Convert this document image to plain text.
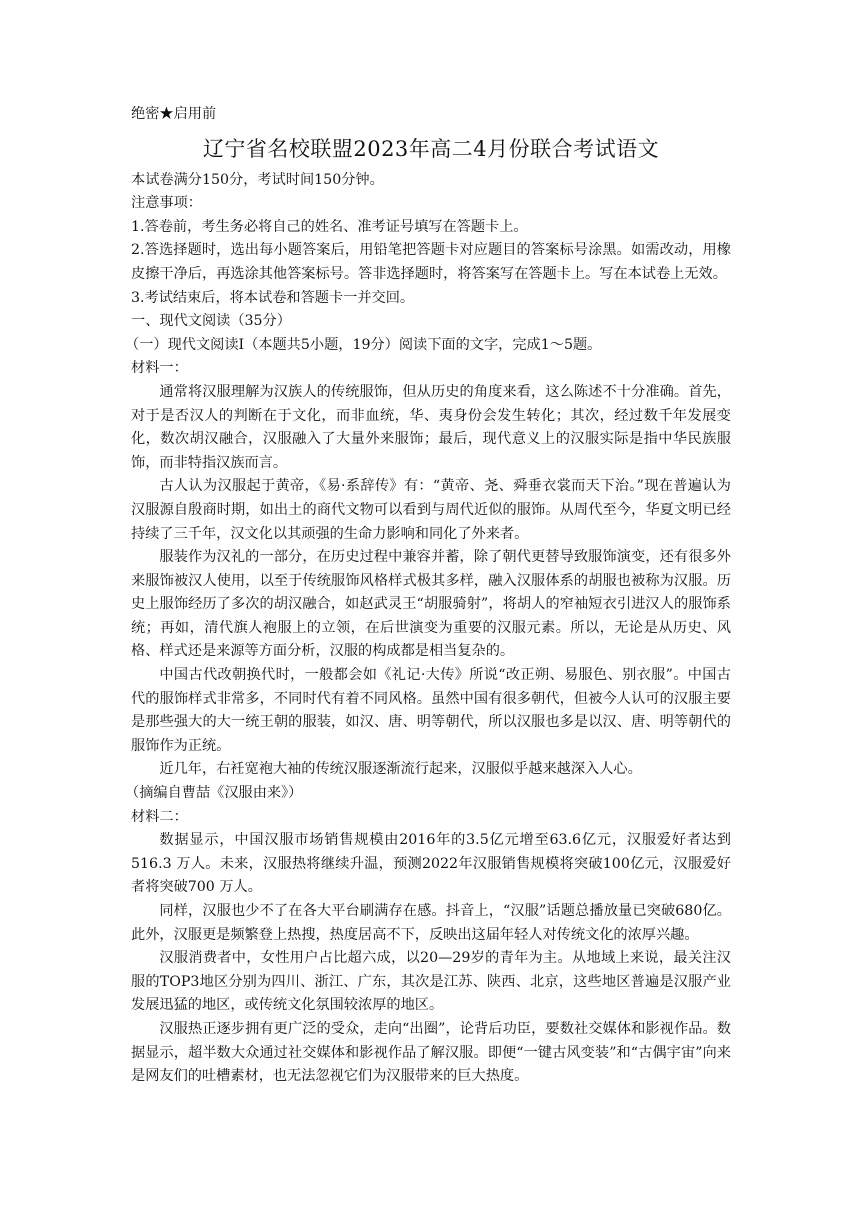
绝密★启用前

辽宁省名校联盟2023年高二4月份联合考试语文

本试卷满分150分，考试时间150分钟。

注意事项：

1.答卷前，考生务必将自己的姓名、准考证号填写在答题卡上。

2.答选择题时，选出每小题答案后，用铅笔把答题卡对应题目的答案标号涂黑。如需改动，用橡皮擦干净后，再选涂其他答案标号。答非选择题时，将答案写在答题卡上。写在本试卷上无效。

3.考试结束后，将本试卷和答题卡一并交回。

一、现代文阅读（35分）

（一）现代文阅读Ⅰ（本题共5小题，19分）阅读下面的文字，完成1～5题。

材料一：

通常将汉服理解为汉族人的传统服饰，但从历史的角度来看，这么陈述不十分准确。首先，对于是否汉人的判断在于文化，而非血统，华、夷身份会发生转化；其次，经过数千年发展变化，数次胡汉融合，汉服融入了大量外来服饰；最后，现代意义上的汉服实际是指中华民族服饰，而非特指汉族而言。

古人认为汉服起于黄帝，《易·系辞传》有：“黄帝、尧、舜垂衣裳而天下治。”现在普遍认为汉服源自殷商时期，如出土的商代文物可以看到与周代近似的服饰。从周代至今，华夏文明已经持续了三千年，汉文化以其顽强的生命力影响和同化了外来者。

服装作为汉礼的一部分，在历史过程中兼容并蓄，除了朝代更替导致服饰演变，还有很多外来服饰被汉人使用，以至于传统服饰风格样式极其多样，融入汉服体系的胡服也被称为汉服。历史上服饰经历了多次的胡汉融合，如赵武灵王“胡服骑射”，将胡人的窄袖短衣引进汉人的服饰系统；再如，清代旗人袍服上的立领，在后世演变为重要的汉服元素。所以，无论是从历史、风格、样式还是来源等方面分析，汉服的构成都是相当复杂的。

中国古代改朝换代时，一般都会如《礼记·大传》所说“改正朔、易服色、别衣服”。中国古代的服饰样式非常多，不同时代有着不同风格。虽然中国有很多朝代，但被今人认可的汉服主要是那些强大的大一统王朝的服装，如汉、唐、明等朝代，所以汉服也多是以汉、唐、明等朝代的服饰作为正统。

近几年，右衽宽袍大袖的传统汉服逐渐流行起来，汉服似乎越来越深入人心。

（摘编自曹喆《汉服由来》）

材料二：

数据显示，中国汉服市场销售规模由2016年的3.5亿元增至63.6亿元，汉服爱好者达到516.3 万人。未来，汉服热将继续升温，预测2022年汉服销售规模将突破100亿元，汉服爱好者将突破700 万人。

同样，汉服也少不了在各大平台刷满存在感。抖音上，“汉服”话题总播放量已突破680亿。此外，汉服更是频繁登上热搜，热度居高不下，反映出这届年轻人对传统文化的浓厚兴趣。

汉服消费者中，女性用户占比超六成，以20—29岁的青年为主。从地域上来说，最关注汉服的TOP3地区分别为四川、浙江、广东，其次是江苏、陕西、北京，这些地区普遍是汉服产业发展迅猛的地区，或传统文化氛围较浓厚的地区。

汉服热正逐步拥有更广泛的受众，走向“出圈”，论背后功臣，要数社交媒体和影视作品。数据显示，超半数大众通过社交媒体和影视作品了解汉服。即便“一键古风变装”和“古偶宇宙”向来是网友们的吐槽素材，也无法忽视它们为汉服带来的巨大热度。
